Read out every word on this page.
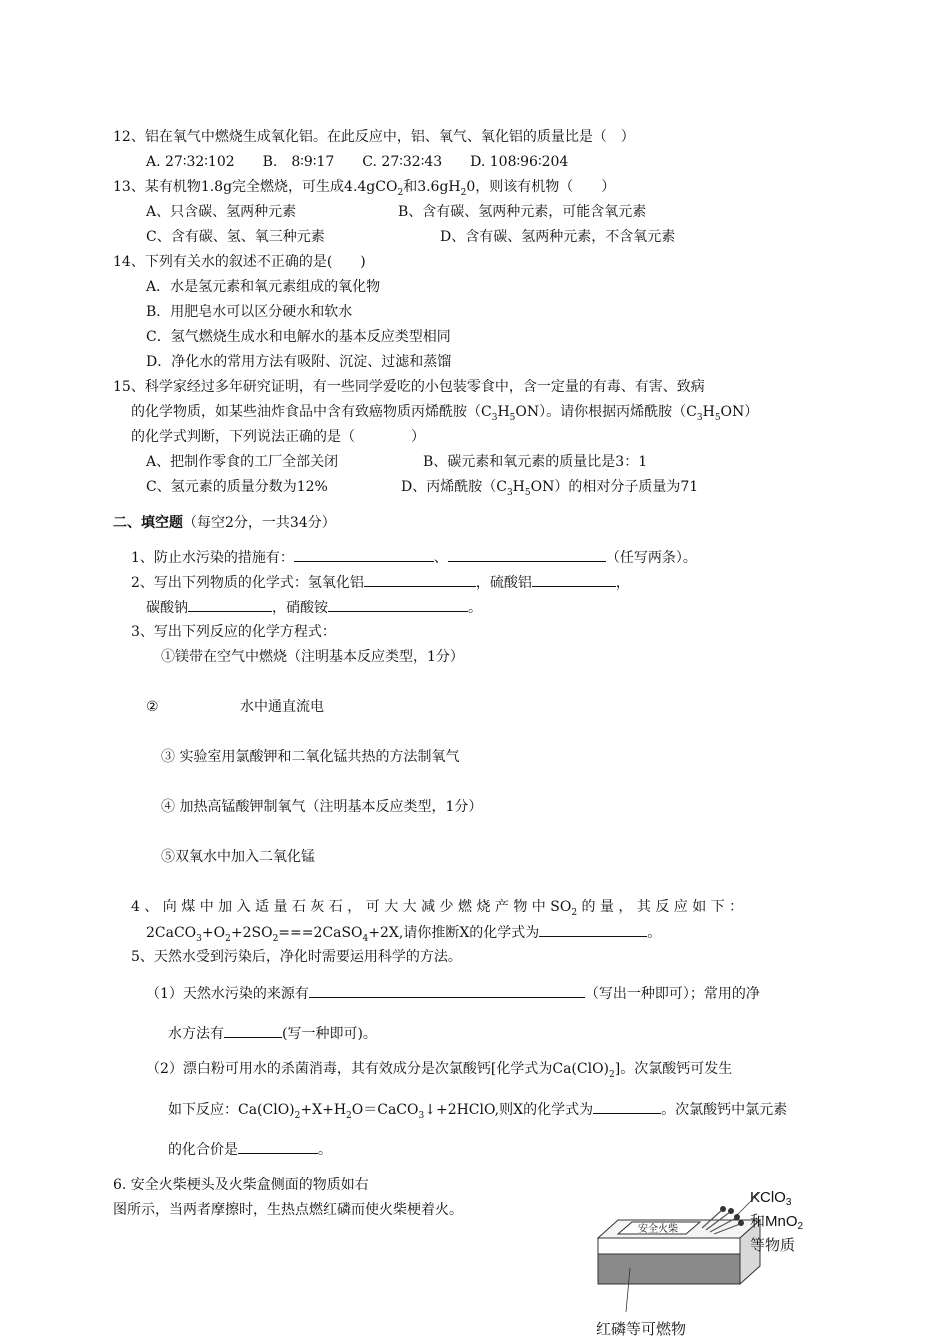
12、铝在氧气中燃烧生成氧化铝。在此反应中，铝、氧气、氧化铝的质量比是（　）
A. 27∶32∶102　　B.　8∶9∶17　　C. 27∶32∶43　　D. 108∶96∶204
13、某有机物1.8g完全燃烧，可生成4.4gCO$_2$和$3.6gH_20$，则该有机物（　　）
A、只含碳、氢两种元素	B、含有碳、氢两种元素，可能含氧元素
C、含有碳、氢、氧三种元素	D、含有碳、氢两种元素，不含氧元素
14、下列有关水的叙述不正确的是(　　)
A．水是氢元素和氧元素组成的氧化物
B．用肥皂水可以区分硬水和软水
C．氢气燃烧生成水和电解水的基本反应类型相同
D．净化水的常用方法有吸附、沉淀、过滤和蒸馏
15、科学家经过多年研究证明，有一些同学爱吃的小包装零食中，含一定量的有毒、有害、致病
的化学物质，如某些油炸食品中含有致癌物质丙烯酰胺$(C_3H_5ON)$。请你根据丙烯酰胺$(C_3H_5ON)$
的化学式判断，下列说法正确的是（　　　　）
A、把制作零食的工厂全部关闭	B、碳元素和氧元素的质量比是3：1
C、氢元素的质量分数为12%	D、丙烯酰胺$(C_3H_5ON)$的相对分子质量为71
二、填空题（每空2分，一共34分）
1、防止水污染的措施有：	、	（任写两条）。
2、写出下列物质的化学式：氢氧化铝	，硫酸铝	，
碳酸钠	，硝酸铵	。
3、写出下列反应的化学方程式：
①镁带在空气中燃烧（注明基本反应类型，1分）
②	水中通直流电
③ 实验室用氯酸钾和二氧化锰共热的方法制氧气
④ 加热高锰酸钾制氧气（注明基本反应类型，1分）
⑤双氧水中加入二氧化锰
4 、 向 煤 中 加 入 适 量 石 灰 石 ， 可 大 大 减 少 燃 烧 产 物 中 $SO_2$ 的 量 ， 其 反 应 如 下 ：
$2CaCO_3+O_2+2SO_2===2CaSO_4+2X$,请你推断X的化学式为	。
5、天然水受到污染后，净化时需要运用科学的方法。
（1）天然水污染的来源有	（写出一种即可）；常用的净
水方法有	(写一种即可)。
（2）漂白粉可用水的杀菌消毒，其有效成分是次氯酸钙[化学式为$Ca(ClO)_2$]。次氯酸钙可发生
如下反应：$Ca(ClO)_2+X+H_2O=CaCO_3↓+2HClO$,则X的化学式为	。次氯酸钙中氯元素
的化合价是	。
6. 安全火柴梗头及火柴盒侧面的物质如右
图所示，当两者摩擦时，生热点燃红磷而使火柴梗着火。
安全火柴
KClO$_3$
和MnO$_2$
等物质
红磷等可燃物
